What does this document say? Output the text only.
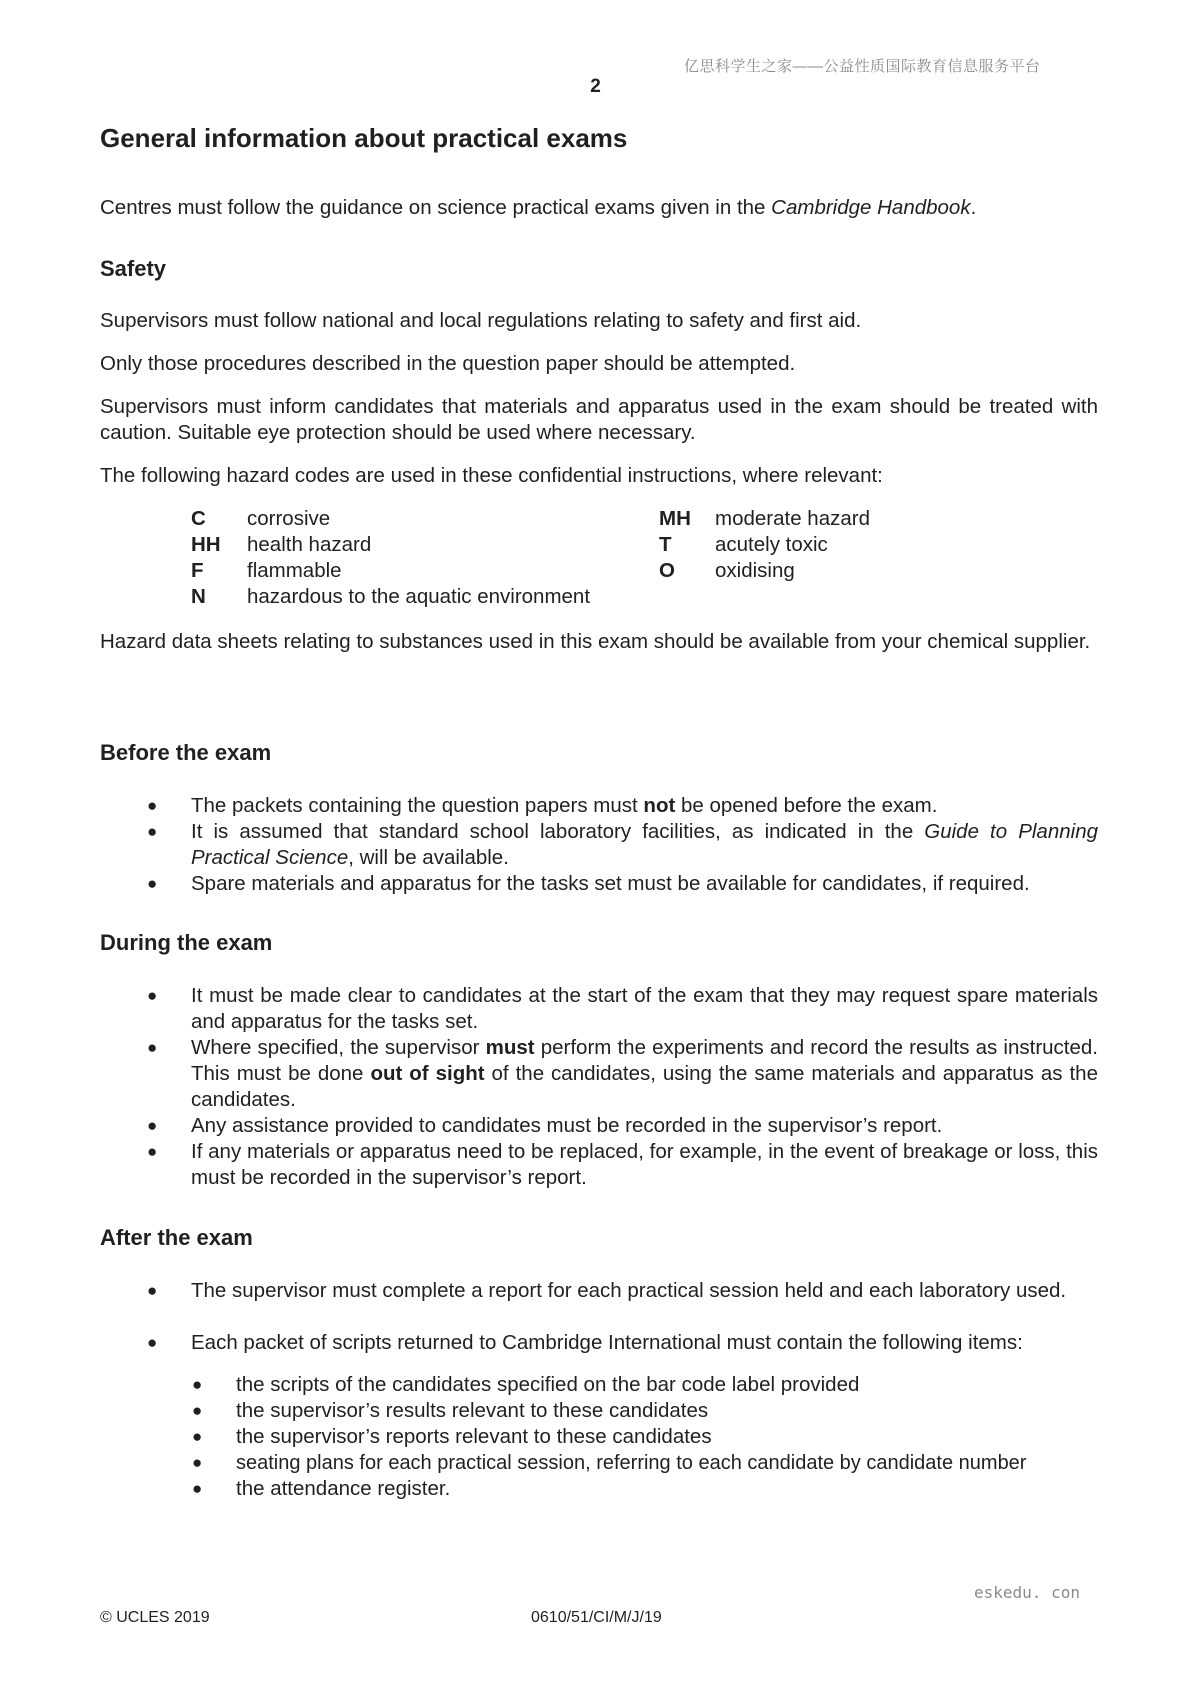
亿思科学生之家——公益性质国际教育信息服务平台
2
General information about practical exams

Centres must follow the guidance on science practical exams given in the Cambridge Handbook.

Safety

Supervisors must follow national and local regulations relating to safety and first aid.

Only those procedures described in the question paper should be attempted.

Supervisors must inform candidates that materials and apparatus used in the exam should be treated with caution. Suitable eye protection should be used where necessary.

The following hazard codes are used in these confidential instructions, where relevant:

C corrosive
HH health hazard
F flammable
N hazardous to the aquatic environment
MH moderate hazard
T acutely toxic
O oxidising

Hazard data sheets relating to substances used in this exam should be available from your chemical supplier.

Before the exam
● The packets containing the question papers must not be opened before the exam.
● It is assumed that standard school laboratory facilities, as indicated in the Guide to Planning Practical Science, will be available.
● Spare materials and apparatus for the tasks set must be available for candidates, if required.
During the exam
● It must be made clear to candidates at the start of the exam that they may request spare materials and apparatus for the tasks set.
● Where specified, the supervisor must perform the experiments and record the results as instructed. This must be done out of sight of the candidates, using the same materials and apparatus as the candidates.
● Any assistance provided to candidates must be recorded in the supervisor’s report.
● If any materials or apparatus need to be replaced, for example, in the event of breakage or loss, this must be recorded in the supervisor’s report.
After the exam
● The supervisor must complete a report for each practical session held and each laboratory used.
● Each packet of scripts returned to Cambridge International must contain the following items:
● the scripts of the candidates specified on the bar code label provided
● the supervisor’s results relevant to these candidates
● the supervisor’s reports relevant to these candidates
● seating plans for each practical session, referring to each candidate by candidate number
● the attendance register.
eskedu. con
© UCLES 2019	0610/51/CI/M/J/19
